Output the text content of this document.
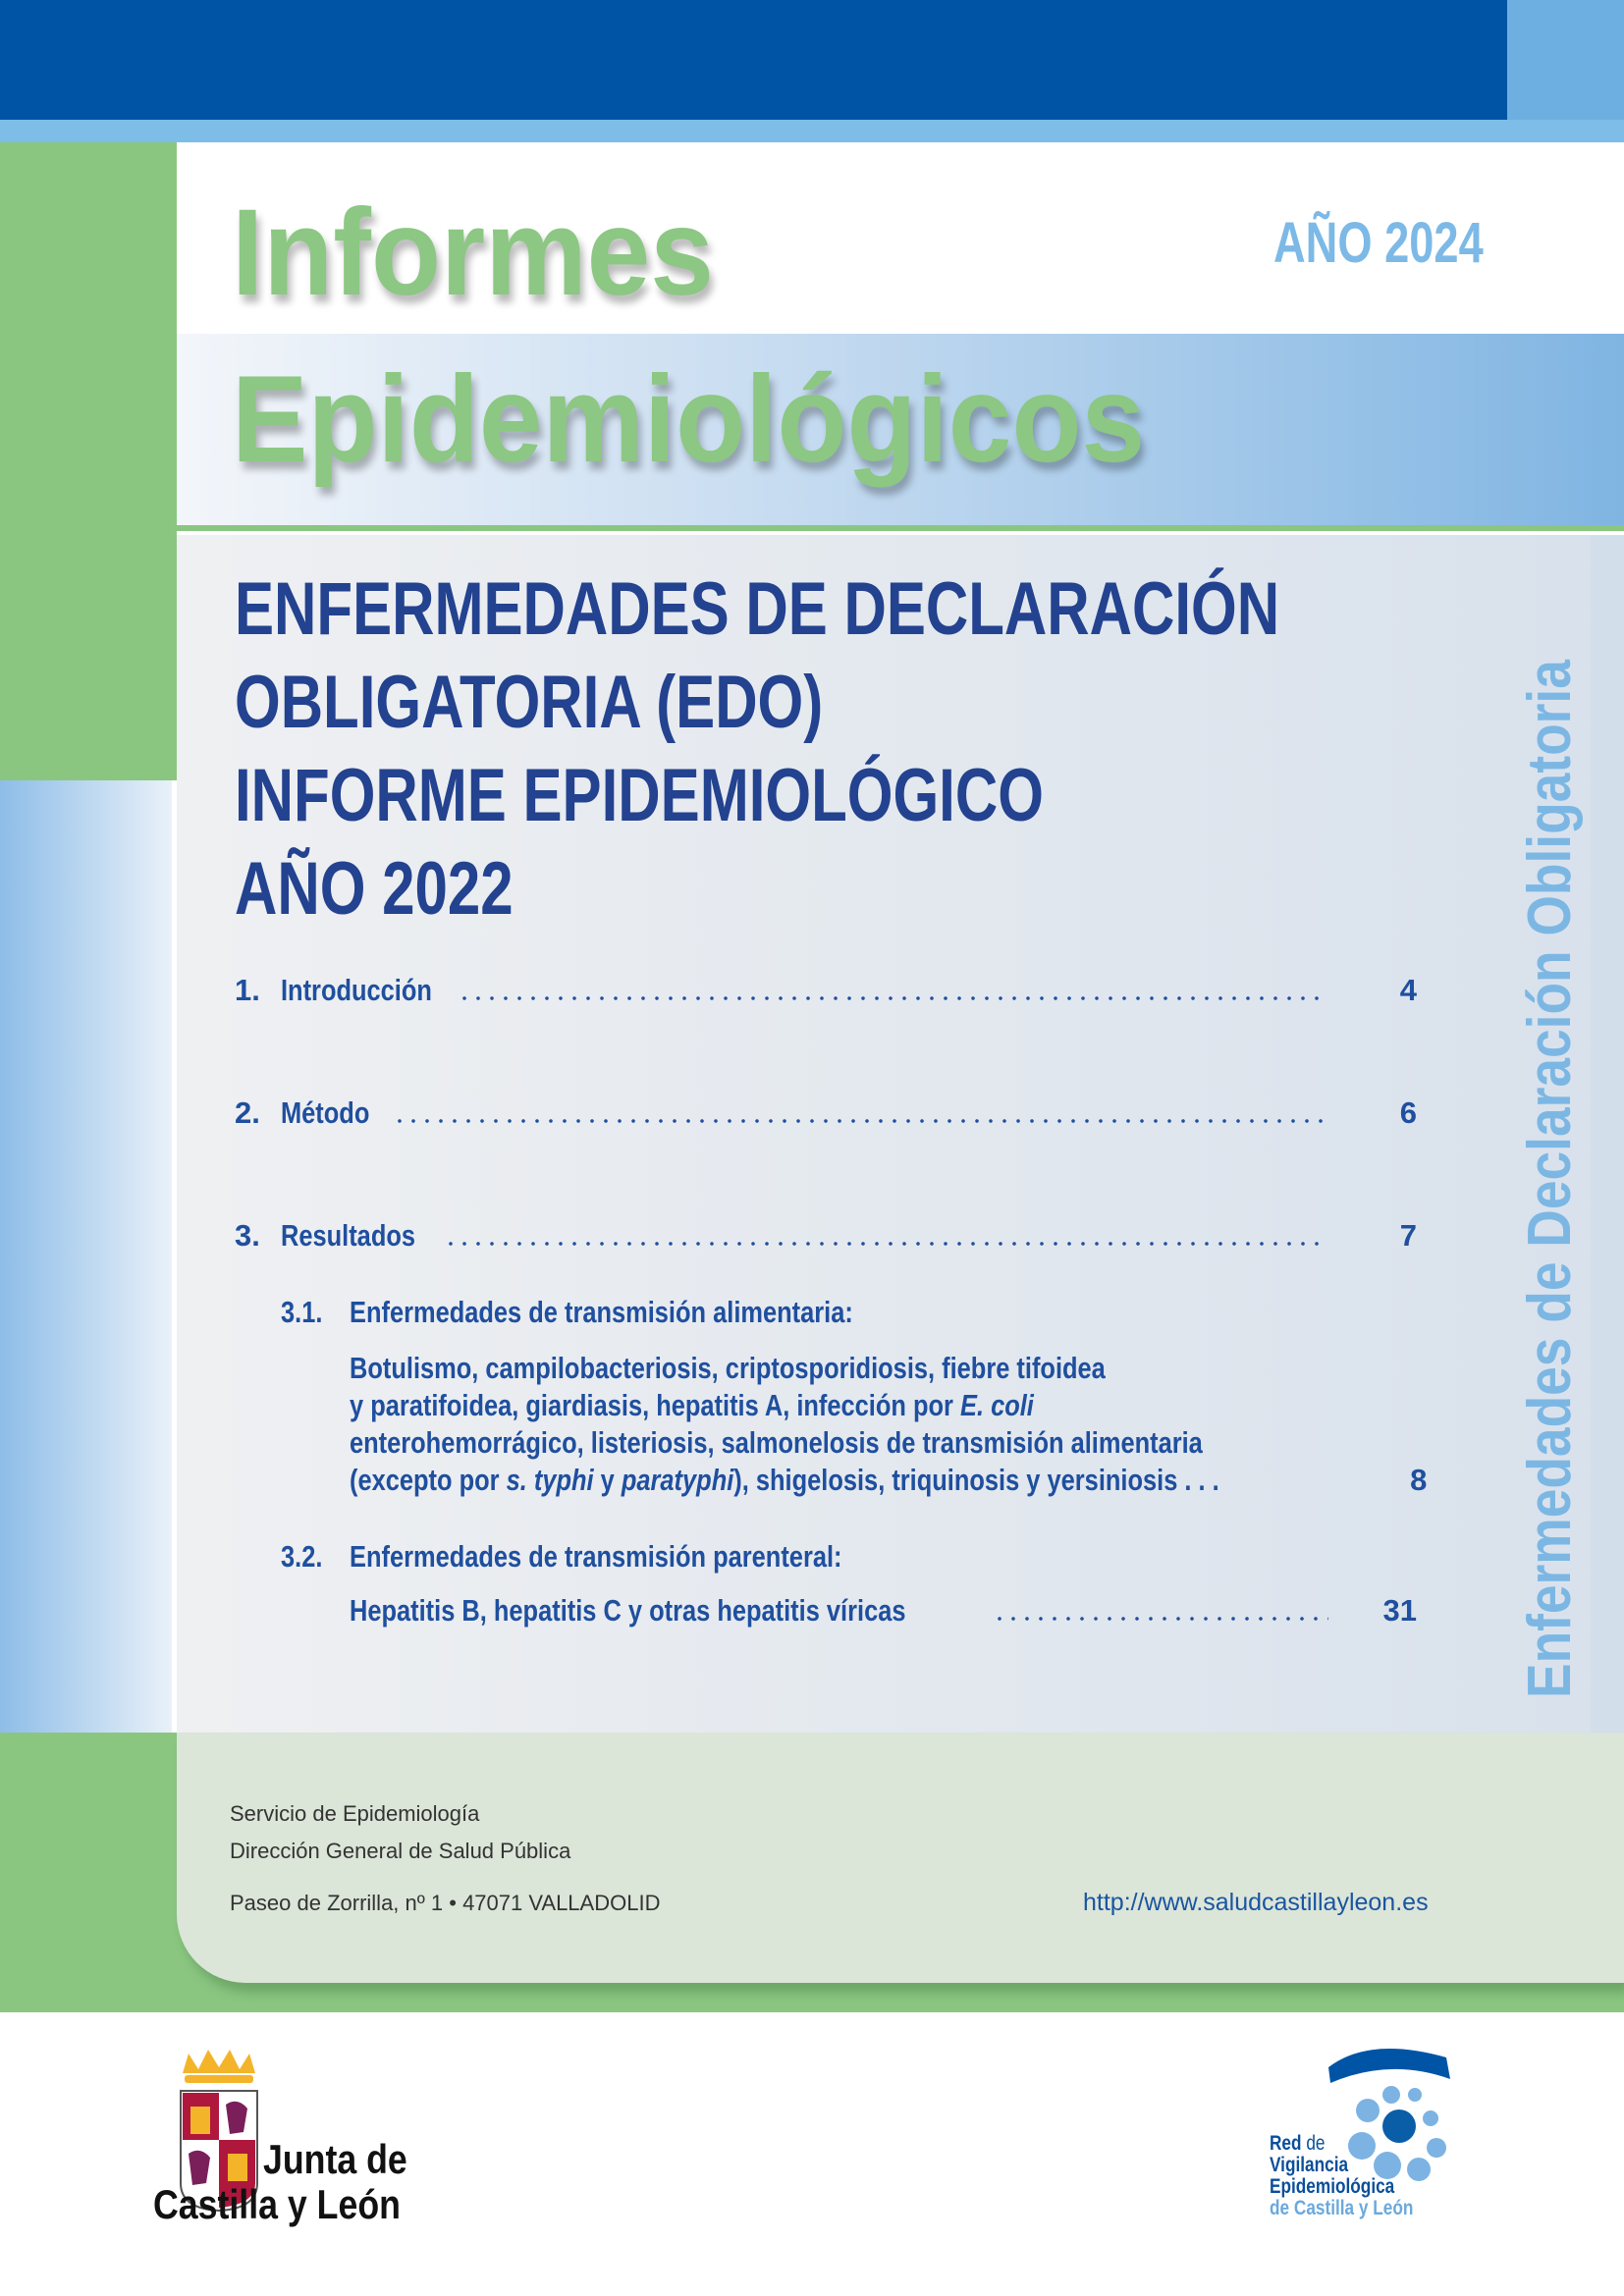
Informes
Epidemiológicos
AÑO 2024
ENFERMEDADES DE DECLARACIÓN
OBLIGATORIA (EDO)
INFORME EPIDEMIOLÓGICO
AÑO 2022	Enfermedades de Declaración Obligatoria
1. Introducción	4
2. Método	6
3. Resultados	7
3.1. Enfermedades de transmisión alimentaria:
Botulismo, campilobacteriosis, criptosporidiosis, fiebre tifoidea
y paratifoidea, giardiasis, hepatitis A, infección por E. coli
enterohemorrágico, listeriosis, salmonelosis de transmisión alimentaria
(excepto por s. typhi y paratyphi), shigelosis, triquinosis y yersiniosis . . .	8
3.2. Enfermedades de transmisión parenteral:
Hepatitis B, hepatitis C y otras hepatitis víricas	31
Servicio de Epidemiología
Dirección General de Salud Pública
Paseo de Zorrilla, nº 1 • 47071 VALLADOLID	http://www.saludcastillayleon.es
Junta de
Castilla y León
Red de
Vigilancia
Epidemiológica
de Castilla y León
